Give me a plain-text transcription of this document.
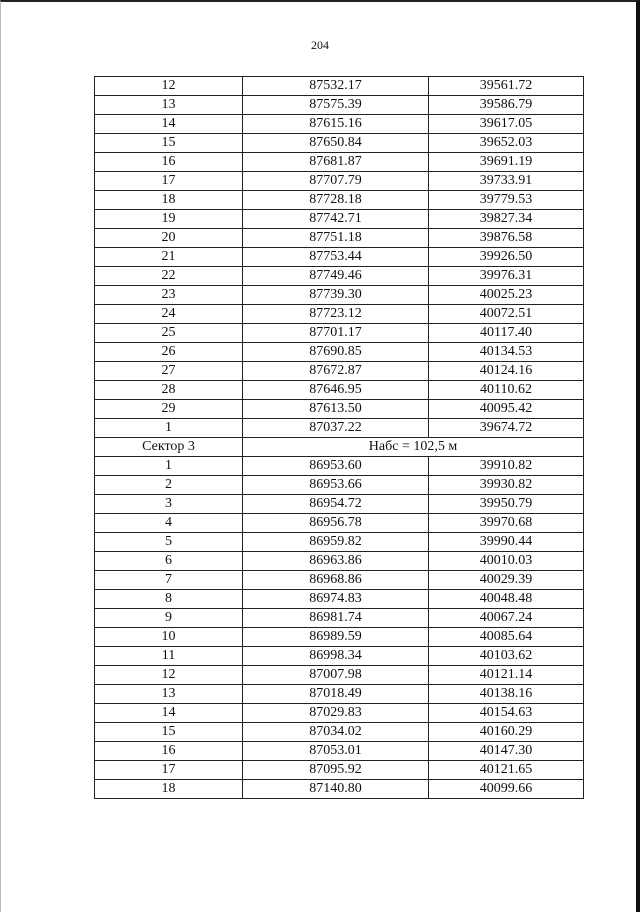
204
12	87532.17	39561.72
13	87575.39	39586.79
14	87615.16	39617.05
15	87650.84	39652.03
16	87681.87	39691.19
17	87707.79	39733.91
18	87728.18	39779.53
19	87742.71	39827.34
20	87751.18	39876.58
21	87753.44	39926.50
22	87749.46	39976.31
23	87739.30	40025.23
24	87723.12	40072.51
25	87701.17	40117.40
26	87690.85	40134.53
27	87672.87	40124.16
28	87646.95	40110.62
29	87613.50	40095.42
1	87037.22	39674.72
Сектор 3	Набс = 102,5 м	
1	86953.60	39910.82
2	86953.66	39930.82
3	86954.72	39950.79
4	86956.78	39970.68
5	86959.82	39990.44
6	86963.86	40010.03
7	86968.86	40029.39
8	86974.83	40048.48
9	86981.74	40067.24
10	86989.59	40085.64
11	86998.34	40103.62
12	87007.98	40121.14
13	87018.49	40138.16
14	87029.83	40154.63
15	87034.02	40160.29
16	87053.01	40147.30
17	87095.92	40121.65
18	87140.80	40099.66
